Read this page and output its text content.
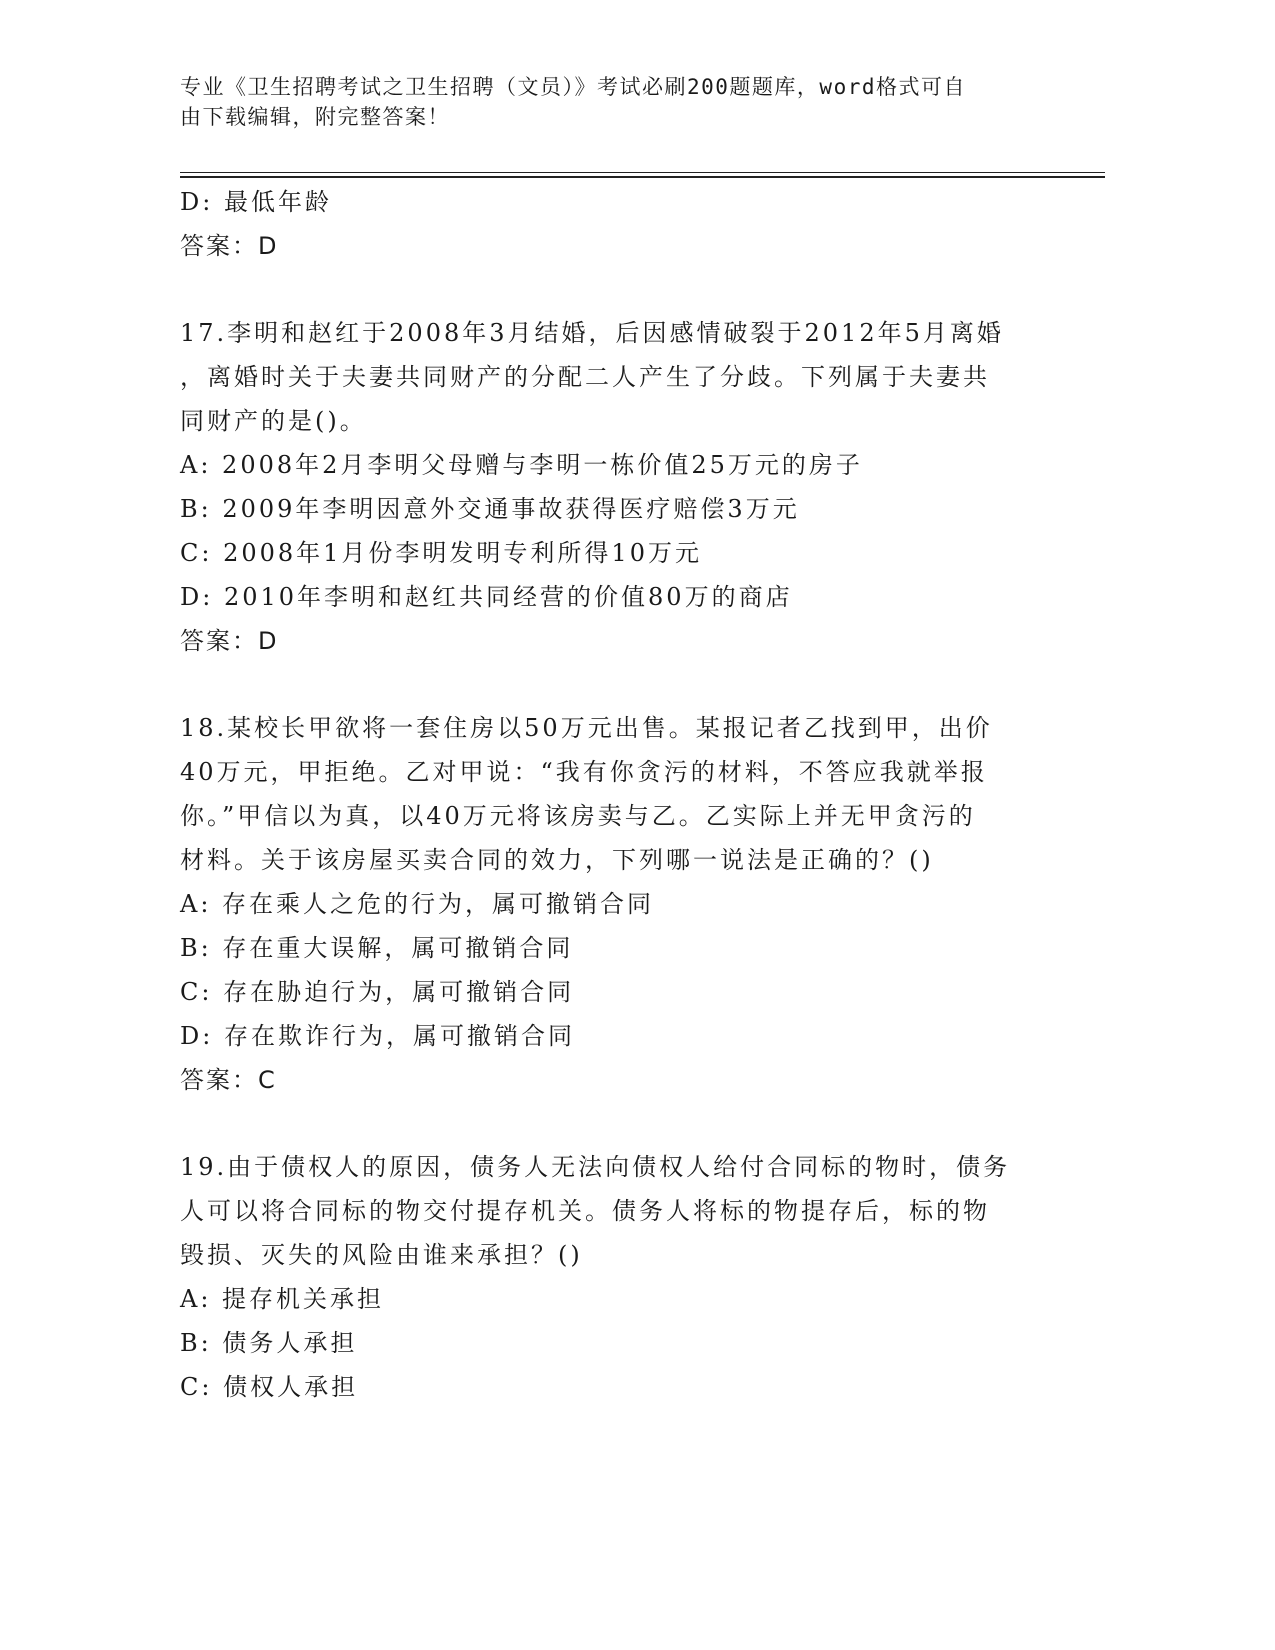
专业《卫生招聘考试之卫生招聘（文员）》考试必刷200题题库，word格式可自
由下载编辑，附完整答案！

D: 最低年龄

答案：D

17.李明和赵红于2008年3月结婚，后因感情破裂于2012年5月离婚

，离婚时关于夫妻共同财产的分配二人产生了分歧。下列属于夫妻共

同财产的是()。

A: 2008年2月李明父母赠与李明一栋价值25万元的房子

B: 2009年李明因意外交通事故获得医疗赔偿3万元

C: 2008年1月份李明发明专利所得10万元

D: 2010年李明和赵红共同经营的价值80万的商店

答案：D

18.某校长甲欲将一套住房以50万元出售。某报记者乙找到甲，出价

40万元，甲拒绝。乙对甲说：“我有你贪污的材料，不答应我就举报

你。”甲信以为真，以40万元将该房卖与乙。乙实际上并无甲贪污的

材料。关于该房屋买卖合同的效力，下列哪一说法是正确的？()

A: 存在乘人之危的行为，属可撤销合同

B: 存在重大误解，属可撤销合同

C: 存在胁迫行为，属可撤销合同

D: 存在欺诈行为，属可撤销合同

答案：C

19.由于债权人的原因，债务人无法向债权人给付合同标的物时，债务

人可以将合同标的物交付提存机关。债务人将标的物提存后，标的物

毁损、灭失的风险由谁来承担？()

A: 提存机关承担

B: 债务人承担

C: 债权人承担
